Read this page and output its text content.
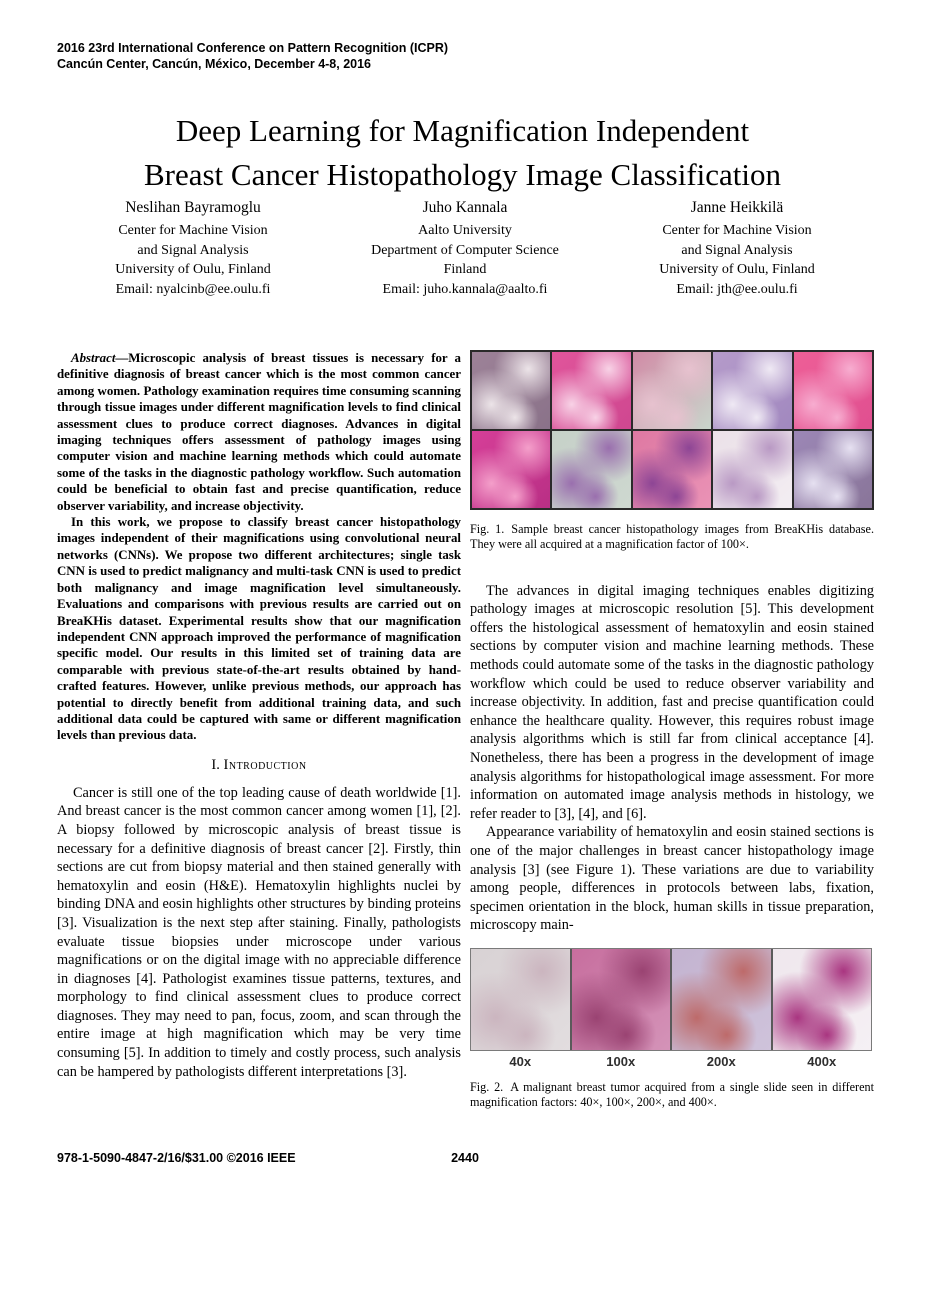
2016 23rd International Conference on Pattern Recognition (ICPR)
Cancún Center, Cancún, México, December 4-8, 2016
Deep Learning for Magnification Independent
Breast Cancer Histopathology Image Classification
Neslihan Bayramoglu
Center for Machine Vision
and Signal Analysis
University of Oulu, Finland
Email: nyalcinb@ee.oulu.fi
Juho Kannala
Aalto University
Department of Computer Science
Finland
Email: juho.kannala@aalto.fi
Janne Heikkilä
Center for Machine Vision
and Signal Analysis
University of Oulu, Finland
Email: jth@ee.oulu.fi

Abstract—Microscopic analysis of breast tissues is necessary for a definitive diagnosis of breast cancer which is the most common cancer among women. Pathology examination requires time consuming scanning through tissue images under different magnification levels to find clinical assessment clues to produce correct diagnoses. Advances in digital imaging techniques offers assessment of pathology images using computer vision and machine learning methods which could automate some of the tasks in the diagnostic pathology workflow. Such automation could be beneficial to obtain fast and precise quantification, reduce observer variability, and increase objectivity.

In this work, we propose to classify breast cancer histopathology images independent of their magnifications using convolutional neural networks (CNNs). We propose two different architectures; single task CNN is used to predict malignancy and multi-task CNN is used to predict both malignancy and image magnification level simultaneously. Evaluations and comparisons with previous results are carried out on BreaKHis dataset. Experimental results show that our magnification independent CNN approach improved the performance of magnification specific model. Our results in this limited set of training data are comparable with previous state-of-the-art results obtained by hand-crafted features. However, unlike previous methods, our approach has potential to directly benefit from additional training data, and such additional data could be captured with same or different magnification levels than previous data.

I. Introduction

Cancer is still one of the top leading cause of death worldwide [1]. And breast cancer is the most common cancer among women [1], [2]. A biopsy followed by microscopic analysis of breast tissue is necessary for a definitive diagnosis of breast cancer [2]. Firstly, thin sections are cut from biopsy material and then stained generally with hematoxylin and eosin (H&E). Hematoxylin highlights nuclei by binding DNA and eosin highlights other structures by binding proteins [3]. Visualization is the next step after staining. Finally, pathologists evaluate tissue biopsies under microscope under various magnifications or on the digital image with no appreciable difference in diagnoses [4]. Pathologist examines tissue patterns, textures, and morphology to find clinical assessment clues to produce correct diagnoses. They may need to pan, focus, zoom, and scan through the entire image at high magnification which may be very time consuming [5]. In addition to timely and costly process, such analysis can be hampered by pathologists different interpretations [3].

Fig. 1. Sample breast cancer histopathology images from BreaKHis database. They were all acquired at a magnification factor of 100×.

The advances in digital imaging techniques enables digitizing pathology images at microscopic resolution [5]. This development offers the histological assessment of hematoxylin and eosin stained sections by computer vision and machine learning methods. These methods could automate some of the tasks in the diagnostic pathology workflow which could be used to reduce observer variability and increase objectivity. In addition, fast and precise quantification could enhance the healthcare quality. However, this requires robust image analysis algorithms which is still far from clinical acceptance [4]. Nonetheless, there has been a progress in the development of image analysis algorithms for histopathological image assessment. For more information on automated image analysis methods in histology, we refer reader to [3], [4], and [6].

Appearance variability of hematoxylin and eosin stained sections is one of the major challenges in breast cancer histopathology image analysis [3] (see Figure 1). These variations are due to variability among people, differences in protocols between labs, fixation, specimen orientation in the block, human skills in tissue preparation, microscopy main-

40x	100x	200x	400x

Fig. 2. A malignant breast tumor acquired from a single slide seen in different magnification factors: 40×, 100×, 200×, and 400×.

978-1-5090-4847-2/16/$31.00 ©2016 IEEE	2440
